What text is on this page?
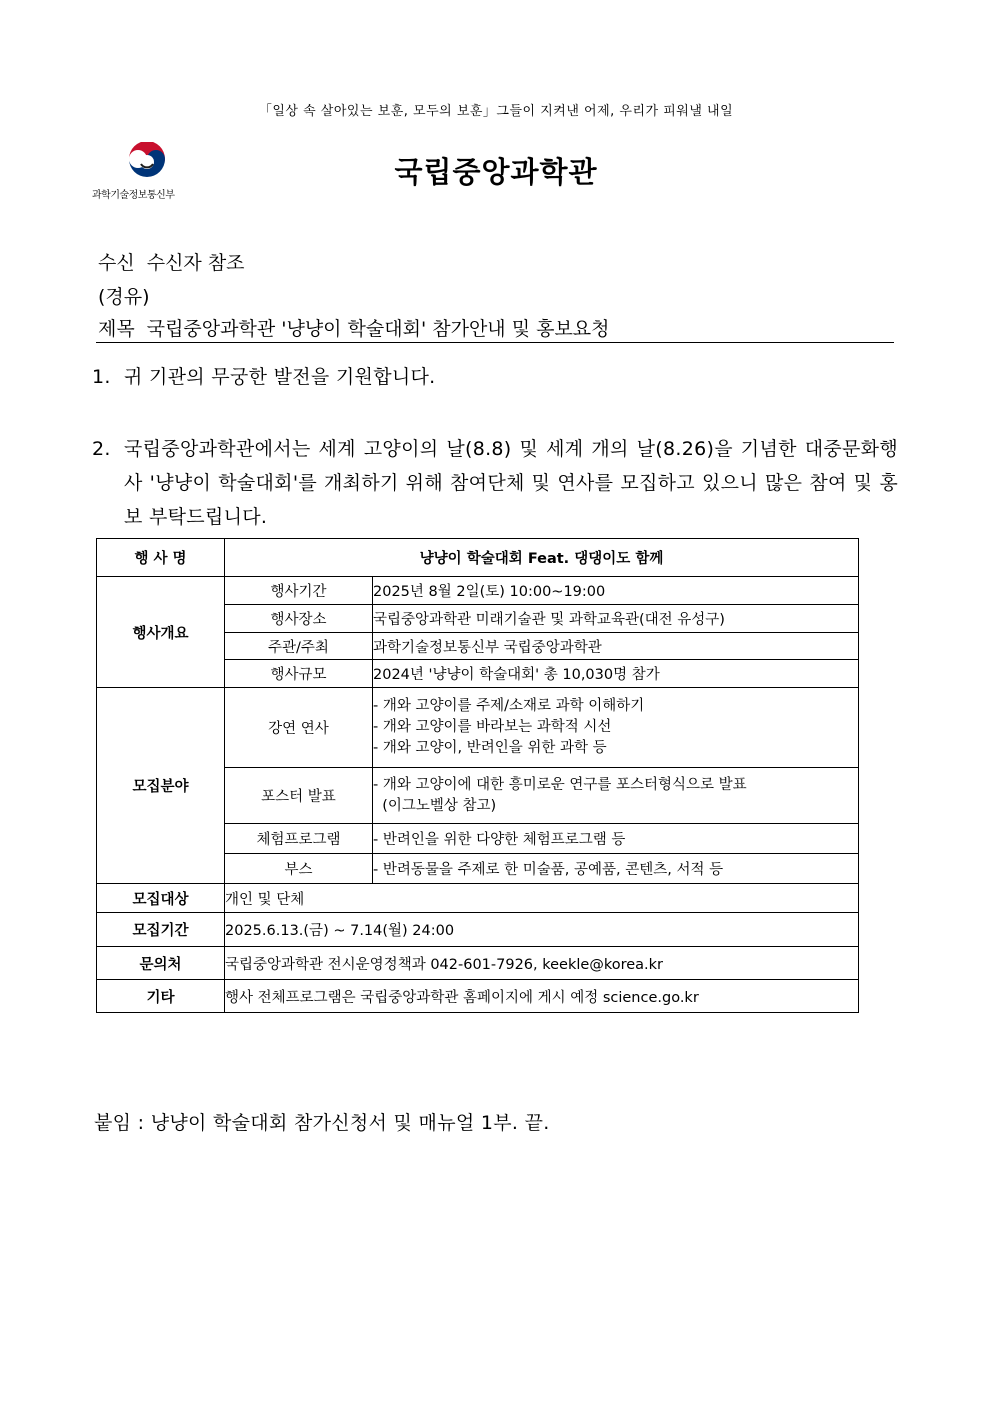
「일상 속 살아있는 보훈, 모두의 보훈」그들이 지켜낸 어제, 우리가 피워낼 내일
과학기술정보통신부
국립중앙과학관
수신 수신자 참조
(경유)
제목 국립중앙과학관 '냥냥이 학술대회' 참가안내 및 홍보요청
1. 귀 기관의 무궁한 발전을 기원합니다.
2. 국립중앙과학관에서는 세계 고양이의 날(8.8) 및 세계 개의 날(8.26)을 기념한 대중문화행사 '냥냥이 학술대회'를 개최하기 위해 참여단체 및 연사를 모집하고 있으니 많은 참여 및 홍보 부탁드립니다.
행 사 명	냥냥이 학술대회 Feat. 댕댕이도 함께	
행사개요	행사기간	2025년 8월 2일(토) 10:00~19:00
	행사장소	국립중앙과학관 미래기술관 및 과학교육관(대전 유성구)
	주관/주최	과학기술정보통신부 국립중앙과학관
	행사규모	2024년 '냥냥이 학술대회' 총 10,030명 참가
모집분야	강연 연사	- 개와 고양이를 주제/소재로 과학 이해하기
- 개와 고양이를 바라보는 과학적 시선
- 개와 고양이, 반려인을 위한 과학 등

	포스터 발표	- 개와 고양이에 대한 흥미로운 연구를 포스터형식으로 발표
(이그노벨상 참고)

	체험프로그램	- 반려인을 위한 다양한 체험프로그램 등
	부스	- 반려동물을 주제로 한 미술품, 공예품, 콘텐츠, 서적 등
모집대상	개인 및 단체	
모집기간	2025.6.13.(금) ~ 7.14(월) 24:00	
문의처	국립중앙과학관 전시운영정책과 042-601-7926, keekle@korea.kr	
기타	행사 전체프로그램은 국립중앙과학관 홈페이지에 게시 예정 science.go.kr	
붙임 : 냥냥이 학술대회 참가신청서 및 매뉴얼 1부. 끝.
